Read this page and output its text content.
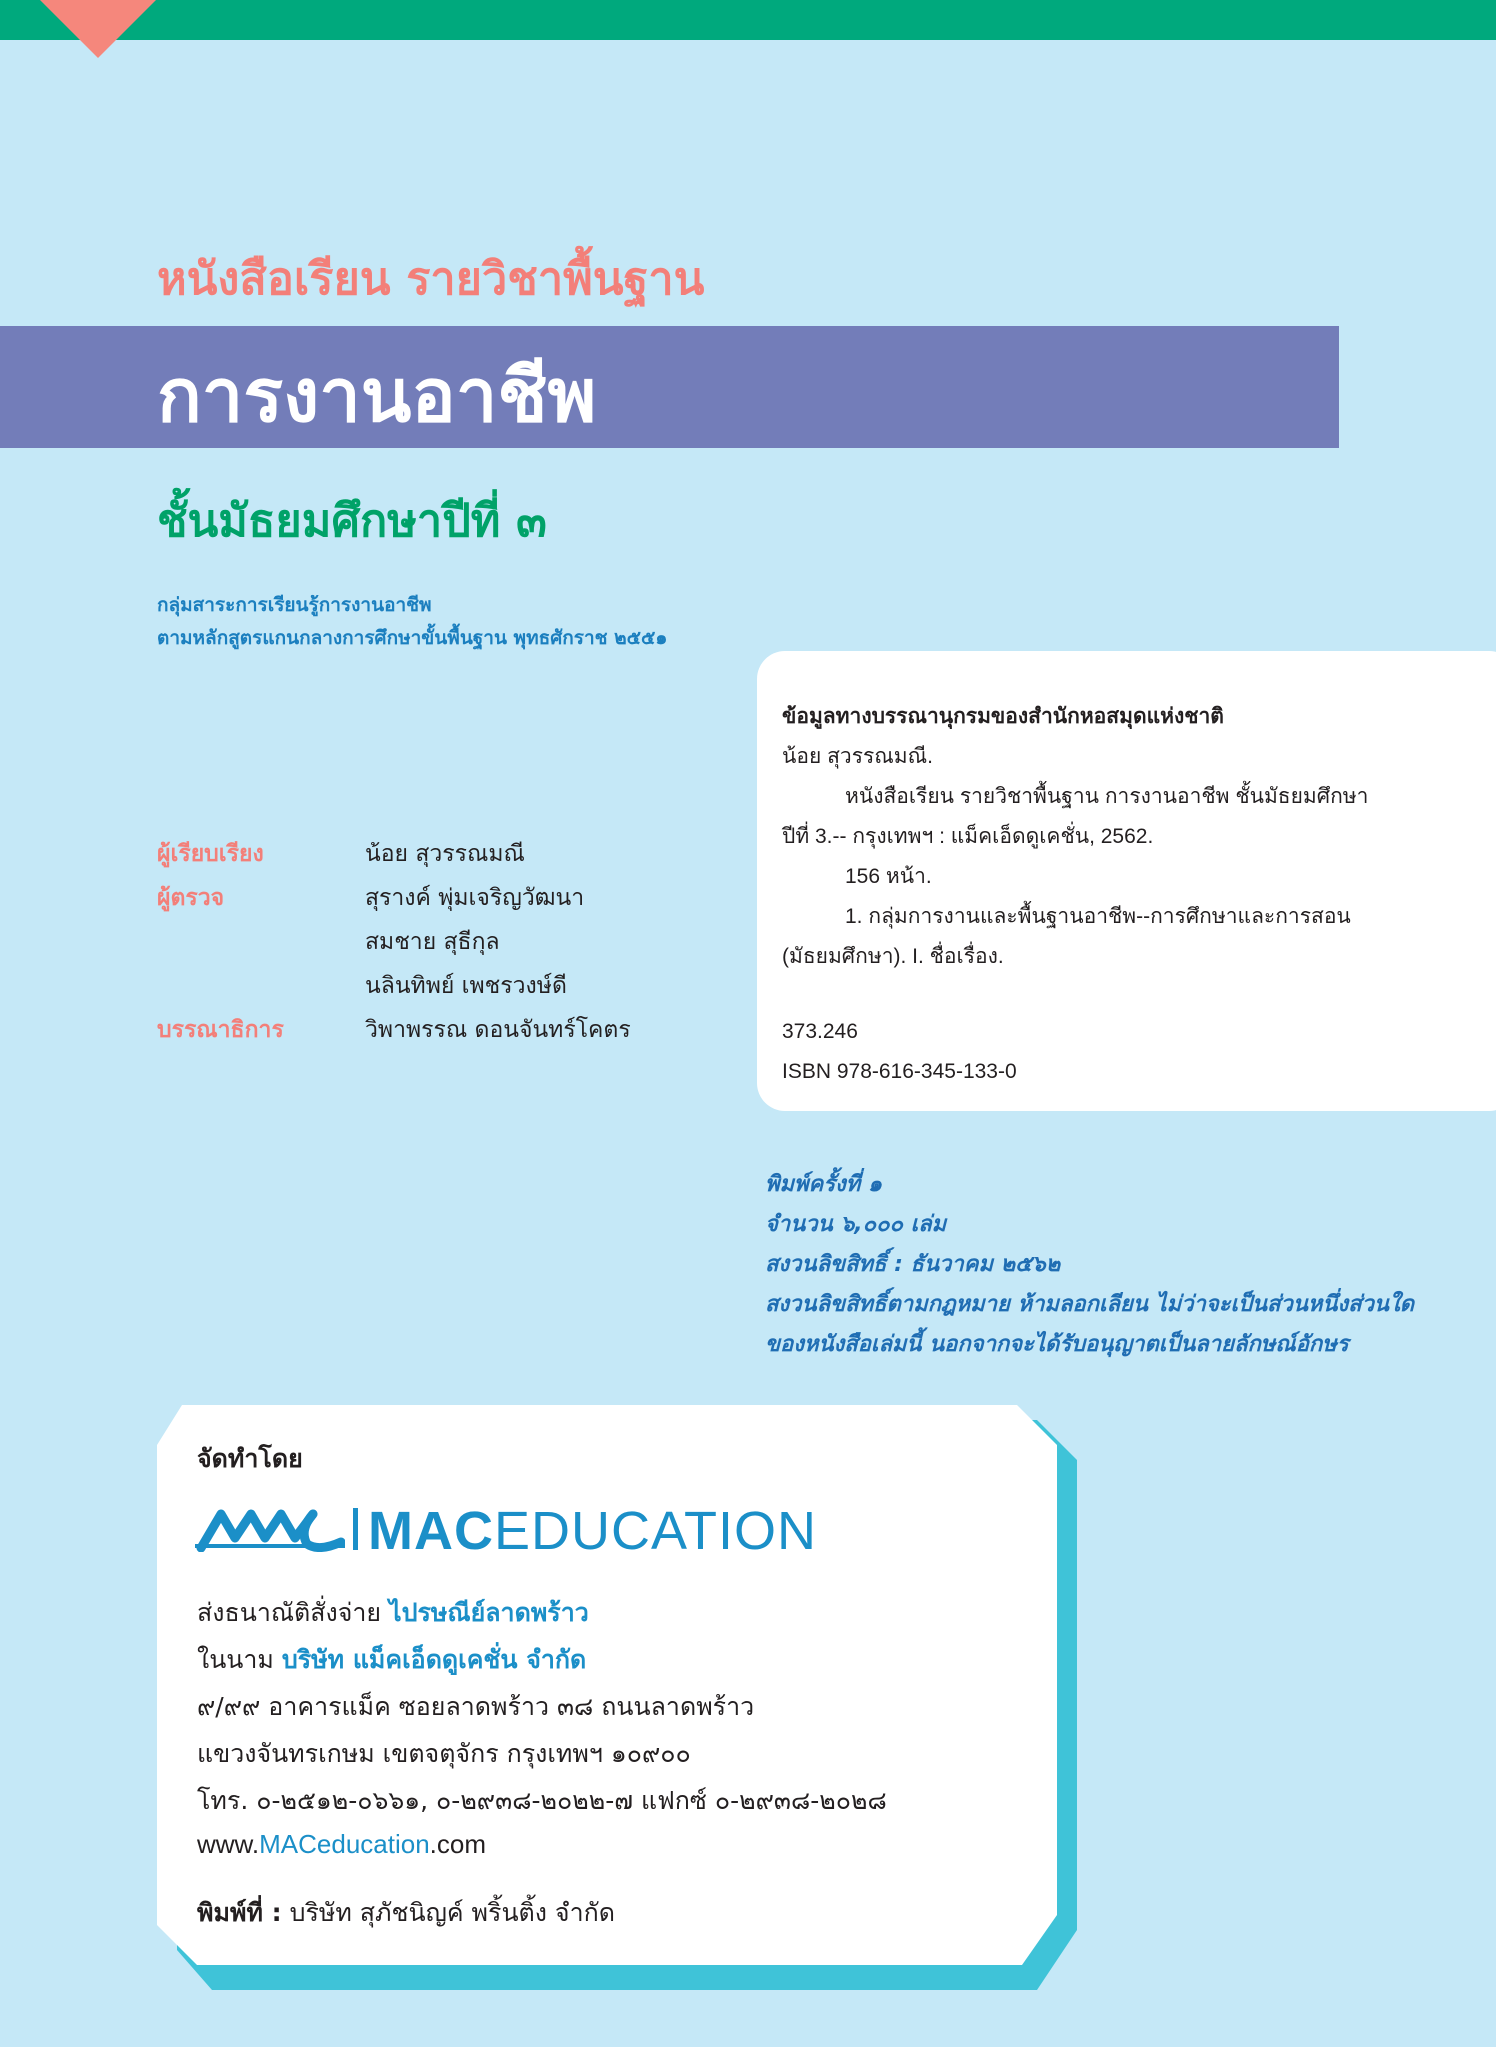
หนังสือเรียน รายวิชาพื้นฐาน
การงานอาชีพ
ชั้นมัธยมศึกษาปีที่ ๓
กลุ่มสาระการเรียนรู้การงานอาชีพ
ตามหลักสูตรแกนกลางการศึกษาขั้นพื้นฐาน พุทธศักราช ๒๕๕๑
ผู้เรียบเรียง	น้อย สุวรรณมณี
ผู้ตรวจ	สุรางค์ พุ่มเจริญวัฒนา
สมชาย สุธีกุล
นลินทิพย์ เพชรวงษ์ดี
บรรณาธิการ	วิพาพรรณ ดอนจันทร์โคตร
ข้อมูลทางบรรณานุกรมของสำนักหอสมุดแห่งชาติ
น้อย สุวรรณมณี.
หนังสือเรียน รายวิชาพื้นฐาน การงานอาชีพ ชั้นมัธยมศึกษา
ปีที่ 3.-- กรุงเทพฯ : แม็คเอ็ดดูเคชั่น, 2562.
156 หน้า.
1. กลุ่มการงานและพื้นฐานอาชีพ--การศึกษาและการสอน
(มัธยมศึกษา). I. ชื่อเรื่อง.
373.246
ISBN 978-616-345-133-0
พิมพ์ครั้งที่ ๑
จำนวน ๖,๐๐๐ เล่ม
สงวนลิขสิทธิ์ : ธันวาคม ๒๕๖๒
สงวนลิขสิทธิ์ตามกฎหมาย ห้ามลอกเลียน ไม่ว่าจะเป็นส่วนหนึ่งส่วนใด
ของหนังสือเล่มนี้ นอกจากจะได้รับอนุญาตเป็นลายลักษณ์อักษร
จัดทำโดย
MACEDUCATION
ส่งธนาณัติสั่งจ่าย ไปรษณีย์ลาดพร้าว
ในนาม บริษัท แม็คเอ็ดดูเคชั่น จำกัด
๙/๙๙ อาคารแม็ค ซอยลาดพร้าว ๓๘ ถนนลาดพร้าว
แขวงจันทรเกษม เขตจตุจักร กรุงเทพฯ ๑๐๙๐๐
โทร. ๐-๒๕๑๒-๐๖๖๑, ๐-๒๙๓๘-๒๐๒๒-๗ แฟกซ์ ๐-๒๙๓๘-๒๐๒๘
www.MACeducation.com
พิมพ์ที่ : บริษัท สุภัชนิญค์ พริ้นติ้ง จำกัด
